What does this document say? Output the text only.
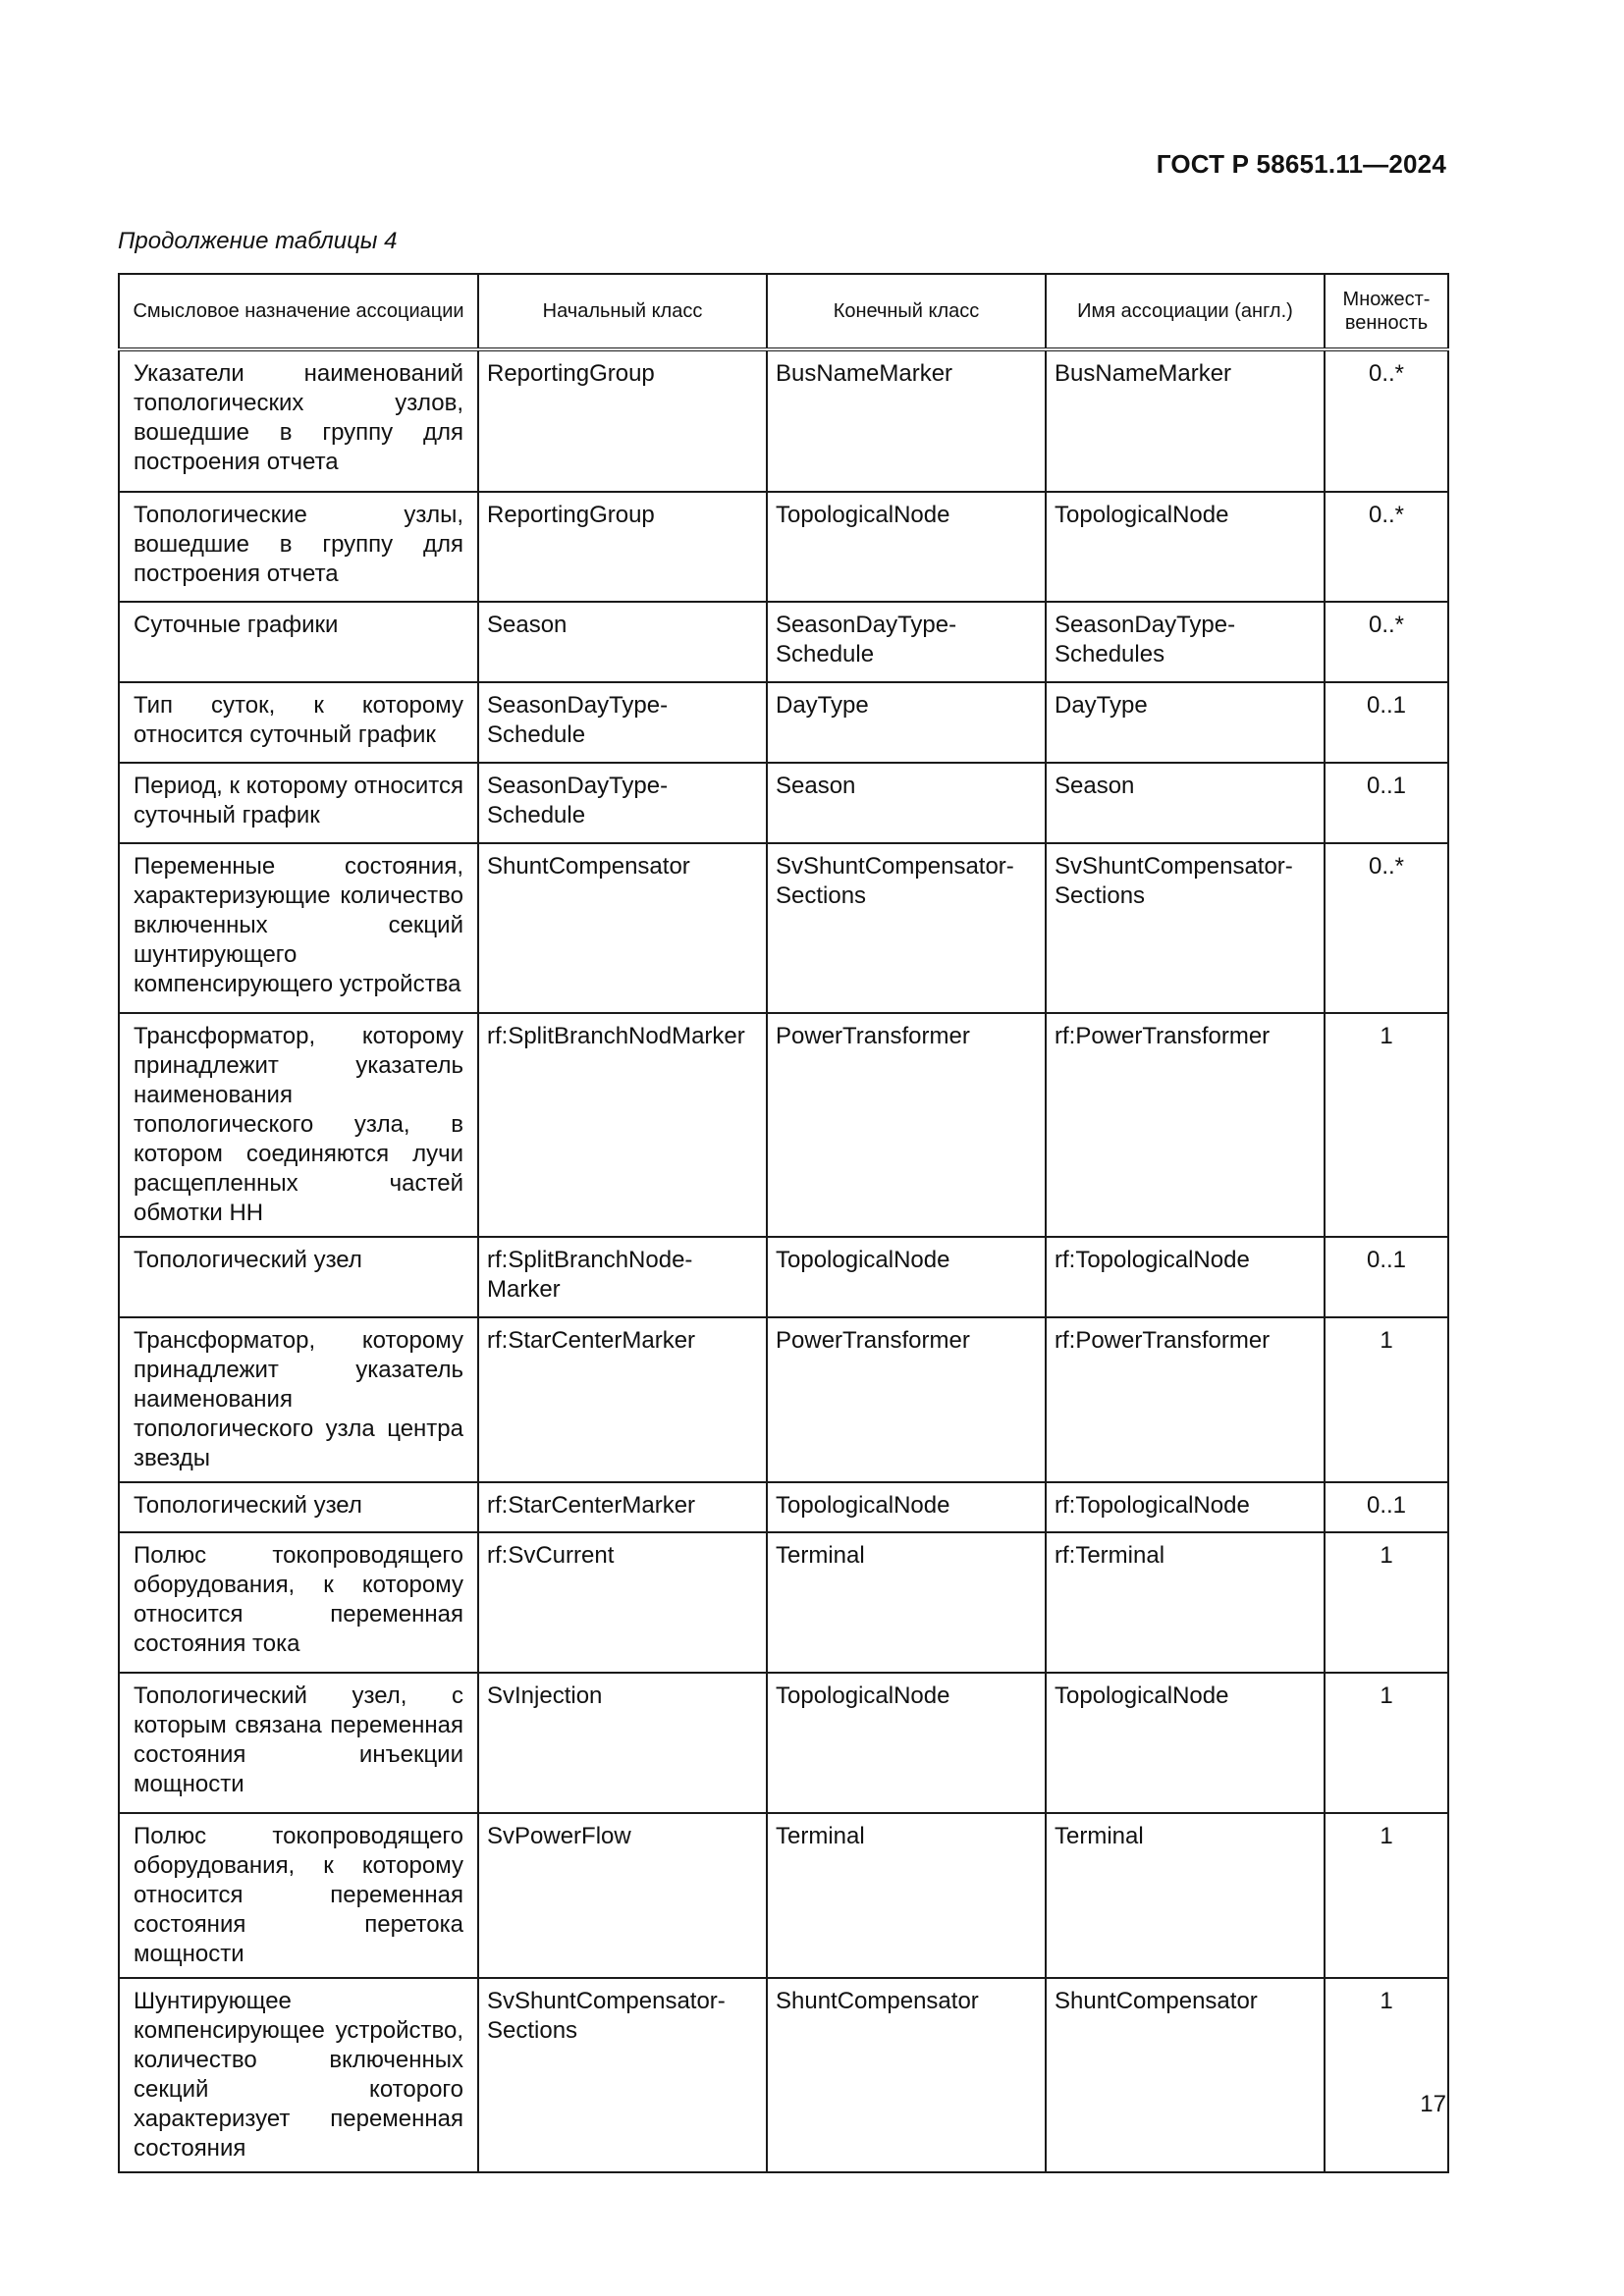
ГОСТ Р 58651.11—2024
Продолжение таблицы 4
Смысловое назначение ассоциации	Начальный класс	Конечный класс	Имя ассоциации (англ.)	Множест-венность
Указатели наименований топологических узлов, вошедшие в группу для построения отчета	ReportingGroup	BusNameMarker	BusNameMarker	0..*
Топологические узлы, вошедшие в группу для построения отчета	ReportingGroup	TopologicalNode	TopologicalNode	0..*
Суточные графики	Season	SeasonDayType-Schedule	SeasonDayType-Schedules	0..*
Тип суток, к которому относится суточный график	SeasonDayType-Schedule	DayType	DayType	0..1
Период, к которому относится суточный график	SeasonDayType-Schedule	Season	Season	0..1
Переменные состояния, характеризующие количество включенных секций шунтирующего компенсирующего устройства	ShuntCompensator	SvShuntCompensator-Sections	SvShuntCompensator-Sections	0..*
Трансформатор, которому принадлежит указатель наименования топологического узла, в котором соединяются лучи расщепленных частей обмотки НН	rf:SplitBranchNodMarker	PowerTransformer	rf:PowerTransformer	1
Топологический узел	rf:SplitBranchNode-Marker	TopologicalNode	rf:TopologicalNode	0..1
Трансформатор, которому принадлежит указатель наименования топологического узла центра звезды	rf:StarCenterMarker	PowerTransformer	rf:PowerTransformer	1
Топологический узел	rf:StarCenterMarker	TopologicalNode	rf:TopologicalNode	0..1
Полюс токопроводящего оборудования, к которому относится переменная состояния тока	rf:SvCurrent	Terminal	rf:Terminal	1
Топологический узел, с которым связана переменная состояния инъекции мощности	SvInjection	TopologicalNode	TopologicalNode	1
Полюс токопроводящего оборудования, к которому относится переменная состояния перетока мощности	SvPowerFlow	Terminal	Terminal	1
Шунтирующее компенсирующее устройство, количество включенных секций которого характеризует переменная состояния	SvShuntCompensator-Sections	ShuntCompensator	ShuntCompensator	1
17
